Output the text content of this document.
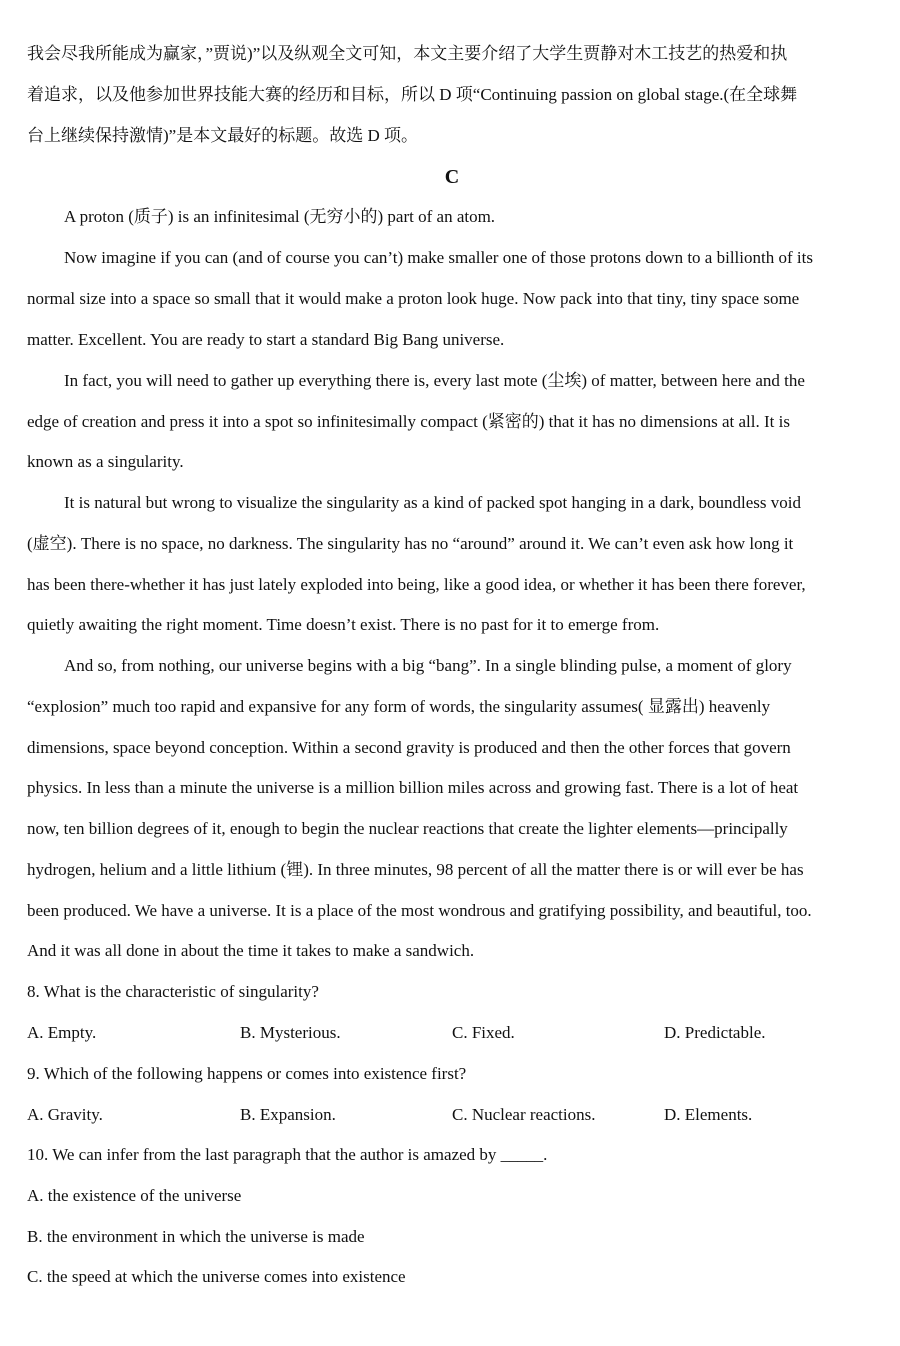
我会尽我所能成为赢家，”贾说)”以及纵观全文可知，本文主要介绍了大学生贾静对木工技艺的热爱和执
着追求，以及他参加世界技能大赛的经历和目标，所以 D 项“Continuing passion on global stage.(在全球舞
台上继续保持激情)”是本文最好的标题。故选 D 项。
C
A proton (质子) is an infinitesimal (无穷小的) part of an atom.
Now imagine if you can (and of course you can’t) make smaller one of those protons down to a billionth of its
normal size into a space so small that it would make a proton look huge. Now pack into that tiny, tiny space some
matter. Excellent. You are ready to start a standard Big Bang universe.
In fact, you will need to gather up everything there is, every last mote (尘埃) of matter, between here and the
edge of creation and press it into a spot so infinitesimally compact (紧密的) that it has no dimensions at all. It is
known as a singularity.
It is natural but wrong to visualize the singularity as a kind of packed spot hanging in a dark, boundless void
(虚空). There is no space, no darkness. The singularity has no “around” around it. We can’t even ask how long it
has been there-whether it has just lately exploded into being, like a good idea, or whether it has been there forever,
quietly awaiting the right moment. Time doesn’t exist. There is no past for it to emerge from.
And so, from nothing, our universe begins with a big “bang”. In a single blinding pulse, a moment of glory
“explosion” much too rapid and expansive for any form of words, the singularity assumes( 显露出) heavenly
dimensions, space beyond conception. Within a second gravity is produced and then the other forces that govern
physics. In less than a minute the universe is a million billion miles across and growing fast. There is a lot of heat
now, ten billion degrees of it, enough to begin the nuclear reactions that create the lighter elements—principally
hydrogen, helium and a little lithium (锂). In three minutes, 98 percent of all the matter there is or will ever be has
been produced. We have a universe. It is a place of the most wondrous and gratifying possibility, and beautiful, too.
And it was all done in about the time it takes to make a sandwich.
8. What is the characteristic of singularity?
A. Empty.	B. Mysterious.	C. Fixed.	D. Predictable.
9. Which of the following happens or comes into existence first?
A. Gravity.	B. Expansion.	C. Nuclear reactions.	D. Elements.
10. We can infer from the last paragraph that the author is amazed by _____.
A. the existence of the universe
B. the environment in which the universe is made
C. the speed at which the universe comes into existence
